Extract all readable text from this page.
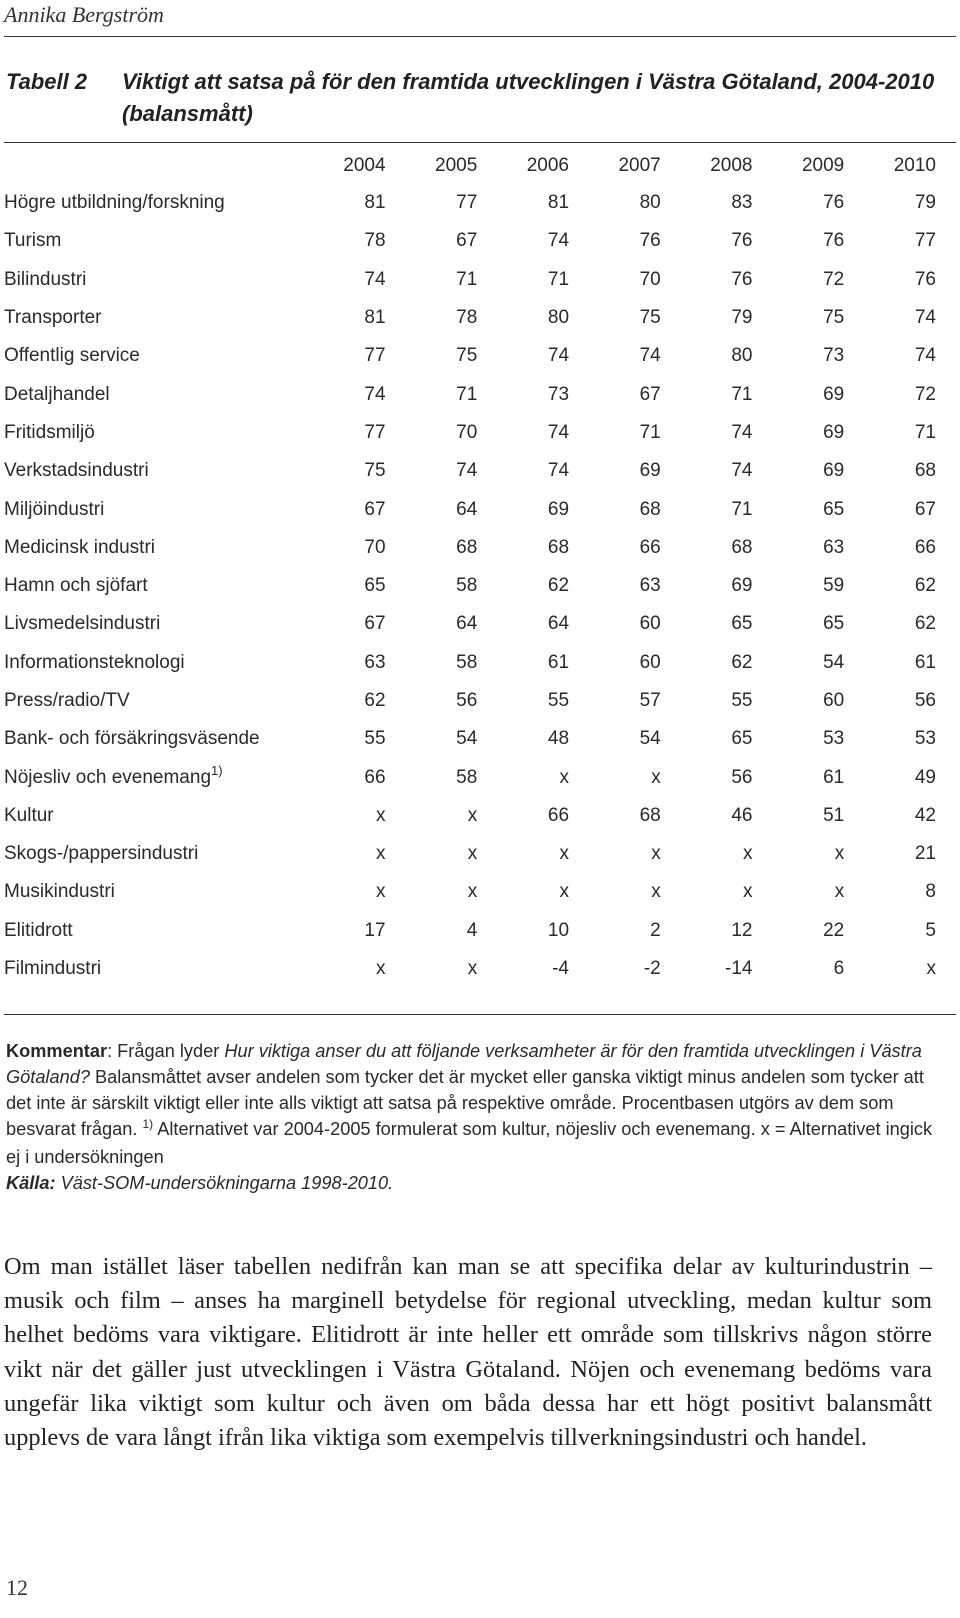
Annika Bergström
Tabell 2 Viktigt att satsa på för den framtida utvecklingen i Västra Götaland, 2004-2010 (balansmått)
	2004	2005	2006	2007	2008	2009	2010
Högre utbildning/forskning	81	77	81	80	83	76	79
Turism	78	67	74	76	76	76	77
Bilindustri	74	71	71	70	76	72	76
Transporter	81	78	80	75	79	75	74
Offentlig service	77	75	74	74	80	73	74
Detaljhandel	74	71	73	67	71	69	72
Fritidsmiljö	77	70	74	71	74	69	71
Verkstadsindustri	75	74	74	69	74	69	68
Miljöindustri	67	64	69	68	71	65	67
Medicinsk industri	70	68	68	66	68	63	66
Hamn och sjöfart	65	58	62	63	69	59	62
Livsmedelsindustri	67	64	64	60	65	65	62
Informationsteknologi	63	58	61	60	62	54	61
Press/radio/TV	62	56	55	57	55	60	56
Bank- och försäkringsväsende	55	54	48	54	65	53	53
Nöjesliv och evenemang$^{1)}$	66	58	x	x	56	61	49
Kultur	x	x	66	68	46	51	42
Skogs-/pappersindustri	x	x	x	x	x	x	21
Musikindustri	x	x	x	x	x	x	8
Elitidrott	17	4	10	2	12	22	5
Filmindustri	x	x	-4	-2	-14	6	x
Kommentar: Frågan lyder Hur viktiga anser du att följande verksamheter är för den framtida utvecklingen i Västra Götaland? Balansmåttet avser andelen som tycker det är mycket eller ganska viktigt minus andelen som tycker att det inte är särskilt viktigt eller inte alls viktigt att satsa på respektive område. Procentbasen utgörs av dem som besvarat frågan. $^{1)}$ Alternativet var 2004-2005 formulerat som kultur, nöjesliv och evenemang. x = Alternativet ingick ej i undersökningen
Källa: Väst-SOM-undersökningarna 1998-2010.
Om man istället läser tabellen nedifrån kan man se att specifika delar av kulturindustrin – musik och film – anses ha marginell betydelse för regional utveckling, medan kultur som helhet bedöms vara viktigare. Elitidrott är inte heller ett område som tillskrivs någon större vikt när det gäller just utvecklingen i Västra Götaland. Nöjen och evenemang bedöms vara ungefär lika viktigt som kultur och även om båda dessa har ett högt positivt balansmått upplevs de vara långt ifrån lika viktiga som exempelvis tillverkningsindustri och handel.
12
